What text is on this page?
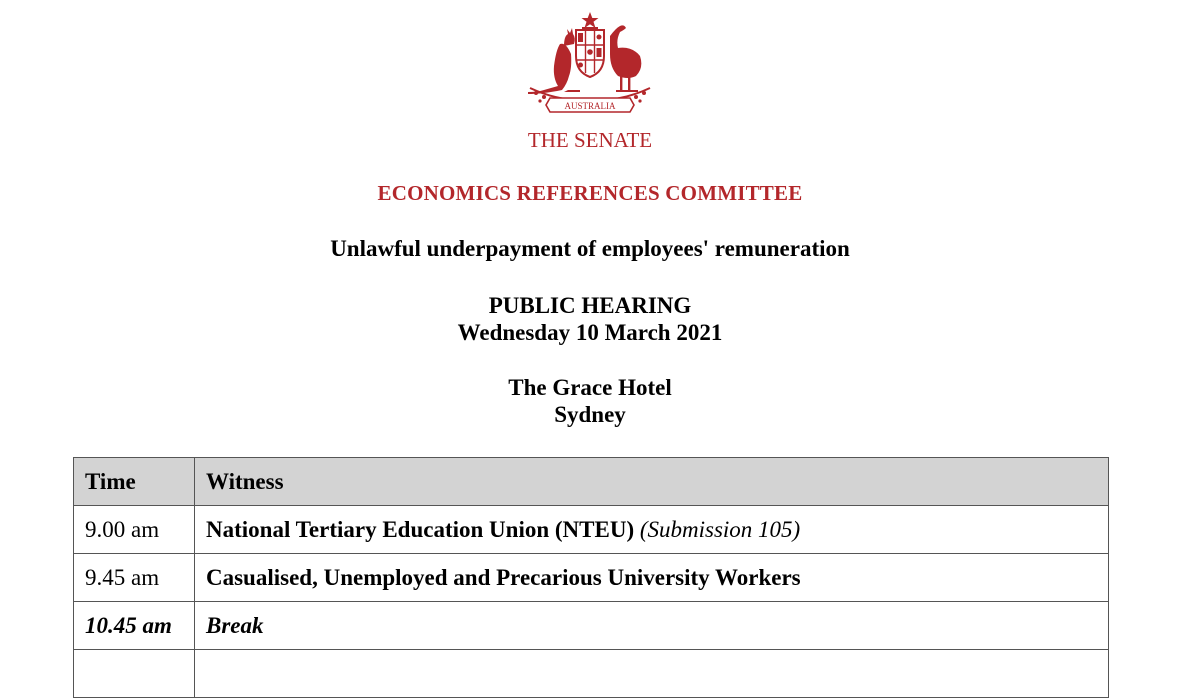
AUSTRALIA
THE SENATE
ECONOMICS REFERENCES COMMITTEE
Unlawful underpayment of employees' remuneration
PUBLIC HEARING
Wednesday 10 March 2021
The Grace Hotel
Sydney
Time	Witness
9.00 am	National Tertiary Education Union (NTEU) (Submission 105)
9.45 am	Casualised, Unemployed and Precarious University Workers
10.45 am	Break
